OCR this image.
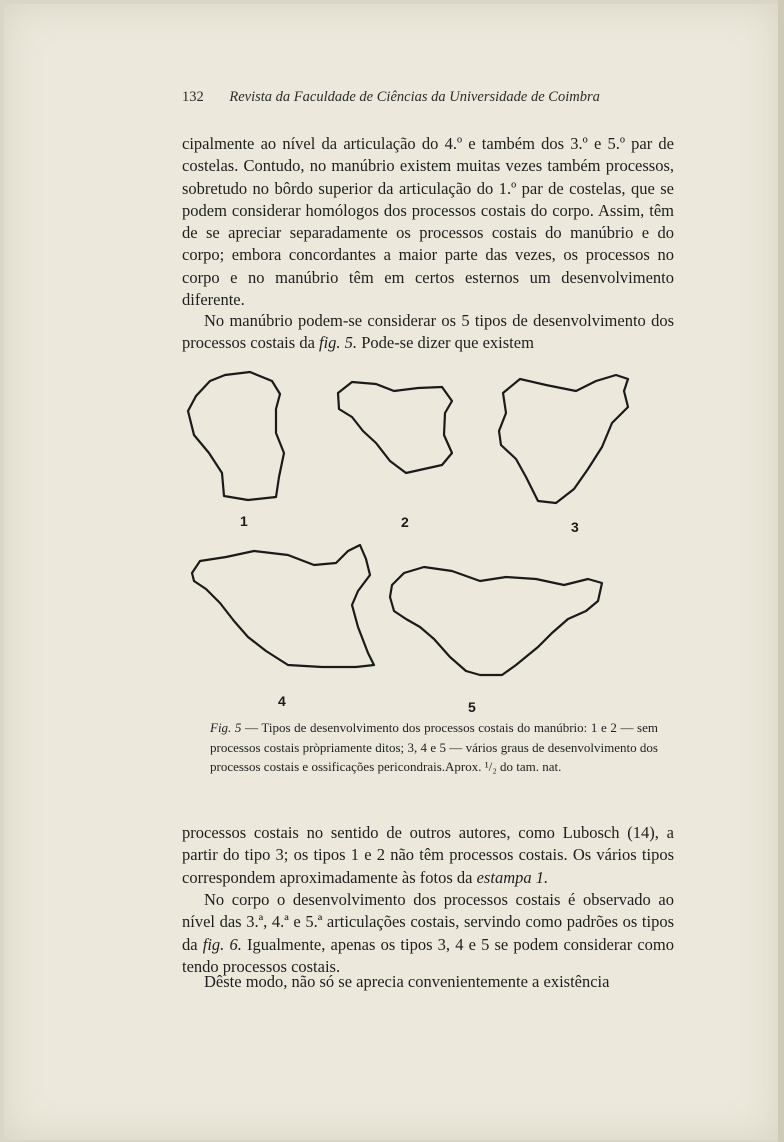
132 Revista da Faculdade de Ciências da Universidade de Coimbra

cipalmente ao nível da articulação do 4.º e também dos 3.º e 5.º par de costelas. Contudo, no manúbrio existem muitas vezes também processos, sobretudo no bôrdo superior da articulação do 1.º par de costelas, que se podem considerar homólogos dos processos costais do corpo. Assim, têm de se apreciar separadamente os processos costais do manúbrio e do corpo; embora concordantes a maior parte das vezes, os processos no corpo e no manúbrio têm em certos esternos um desenvolvimento diferente.

No manúbrio podem-se considerar os 5 tipos de desenvolvimento dos processos costais da fig. 5. Pode-se dizer que existem

1	2	3
4	5

Fig. 5 — Tipos de desenvolvimento dos processos costais do manúbrio: 1 e 2 — sem processos costais pròpriamente ditos; 3, 4 e 5 — vários graus de desenvolvimento dos processos costais e ossificações pericondrais.Aprox. ¹/₂ do tam. nat.

processos costais no sentido de outros autores, como Lubosch (14), a partir do tipo 3; os tipos 1 e 2 não têm processos costais. Os vários tipos correspondem aproximadamente às fotos da estampa 1.

No corpo o desenvolvimento dos processos costais é observado ao nível das 3.ª, 4.ª e 5.ª articulações costais, servindo como padrões os tipos da fig. 6. Igualmente, apenas os tipos 3, 4 e 5 se podem considerar como tendo processos costais.

Dêste modo, não só se aprecia convenientemente a existência
